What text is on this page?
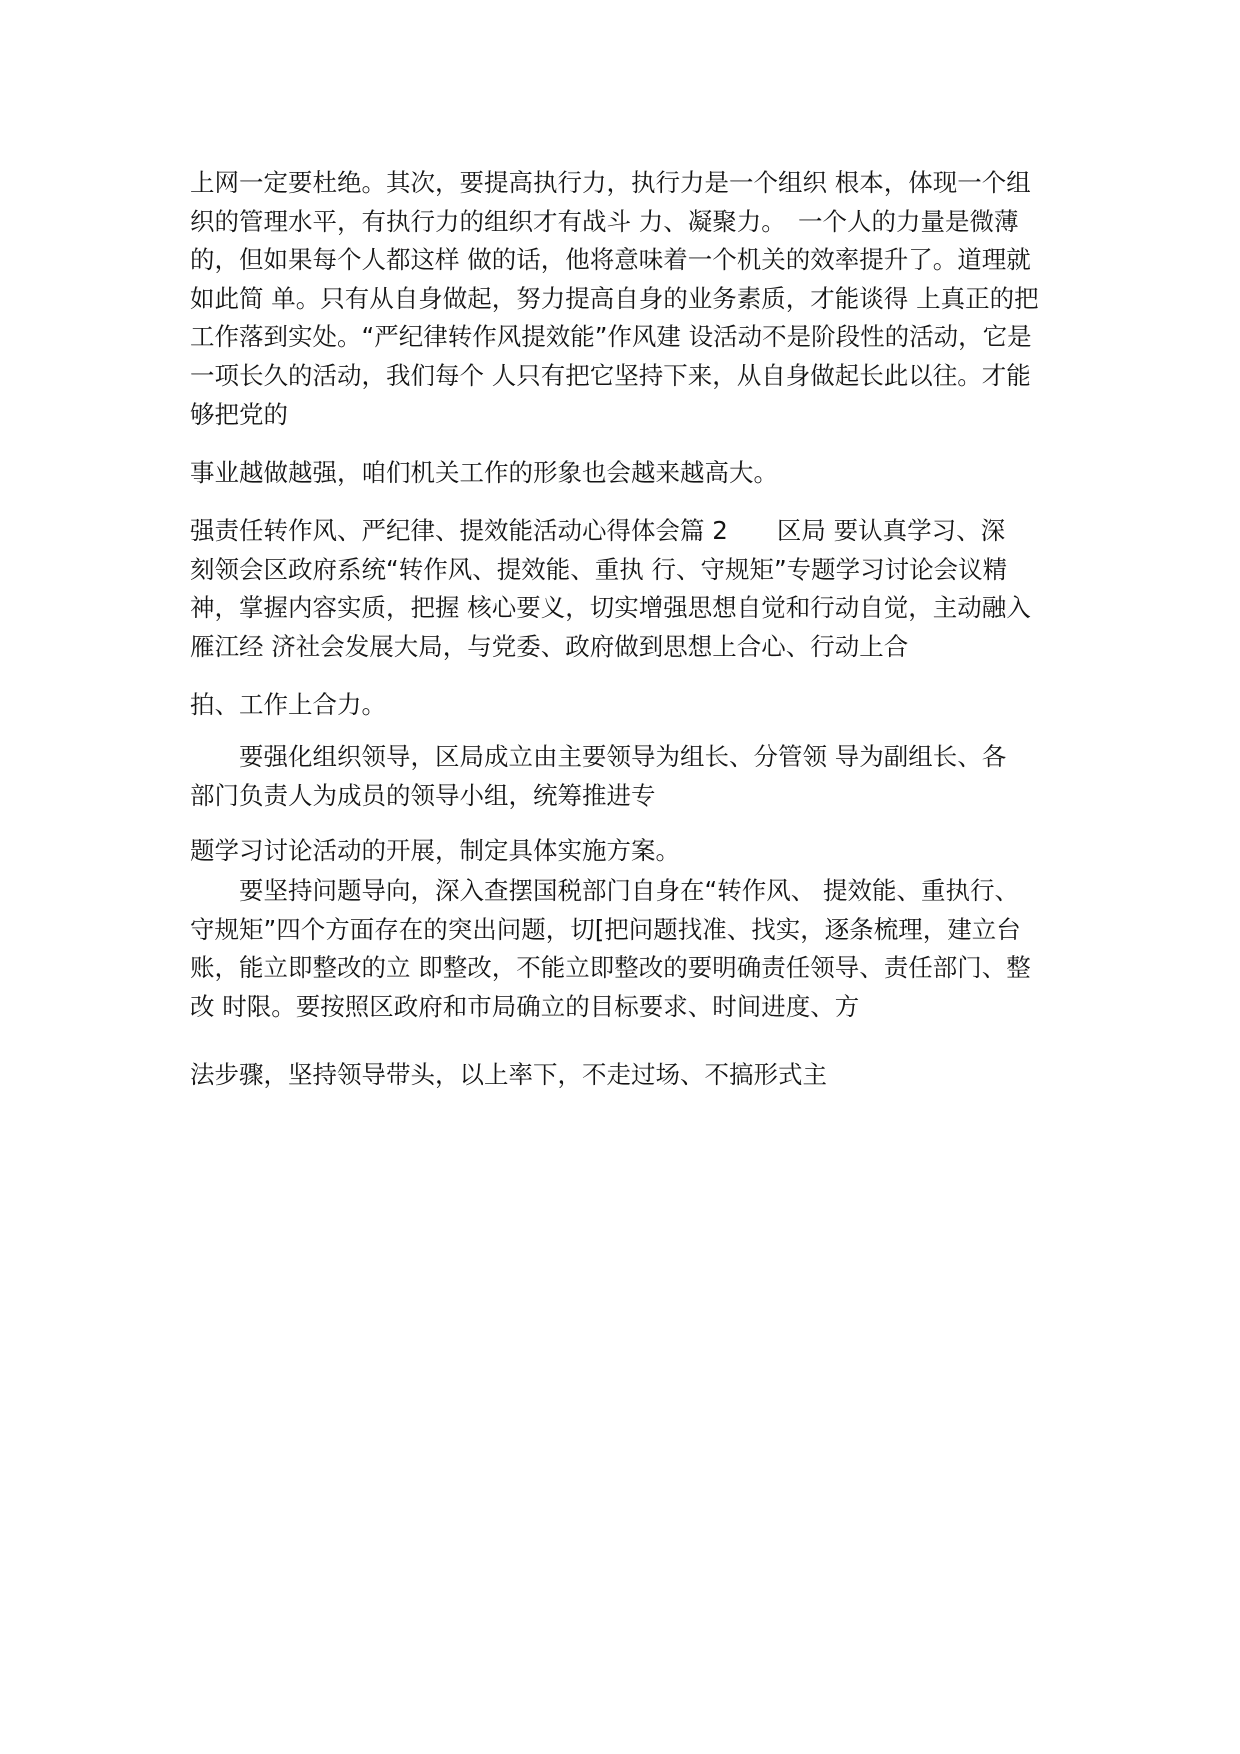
上网一定要杜绝。其次，要提高执行力，执行力是一个组织 根本，体现一个组
织的管理水平，有执行力的组织才有战斗 力、凝聚力。　一个人的力量是微薄
的，但如果每个人都这样 做的话，他将意味着一个机关的效率提升了。道理就
如此简 单。只有从自身做起，努力提高自身的业务素质，才能谈得 上真正的把
工作落到实处。“严纪律转作风提效能”作风建 设活动不是阶段性的活动，它是
一项长久的活动，我们每个 人只有把它坚持下来，从自身做起长此以往。才能
够把党的

事业越做越强，咱们机关工作的形象也会越来越高大。

强责任转作风、严纪律、提效能活动心得体会篇 2　　区局 要认真学习、深
刻领会区政府系统“转作风、提效能、重执 行、守规矩”专题学习讨论会议精
神，掌握内容实质，把握 核心要义，切实增强思想自觉和行动自觉，主动融入
雁江经 济社会发展大局，与党委、政府做到思想上合心、行动上合

拍、工作上合力。

　　要强化组织领导，区局成立由主要领导为组长、分管领 导为副组长、各
部门负责人为成员的领导小组，统筹推进专

题学习讨论活动的开展，制定具体实施方案。

　　要坚持问题导向，深入查摆国税部门自身在“转作风、 提效能、重执行、
守规矩”四个方面存在的突出问题，切[把问题找准、找实，逐条梳理，建立台
账，能立即整改的立 即整改，不能立即整改的要明确责任领导、责任部门、整
改 时限。要按照区政府和市局确立的目标要求、时间进度、方

法步骤，坚持领导带头，以上率下，不走过场、不搞形式主
